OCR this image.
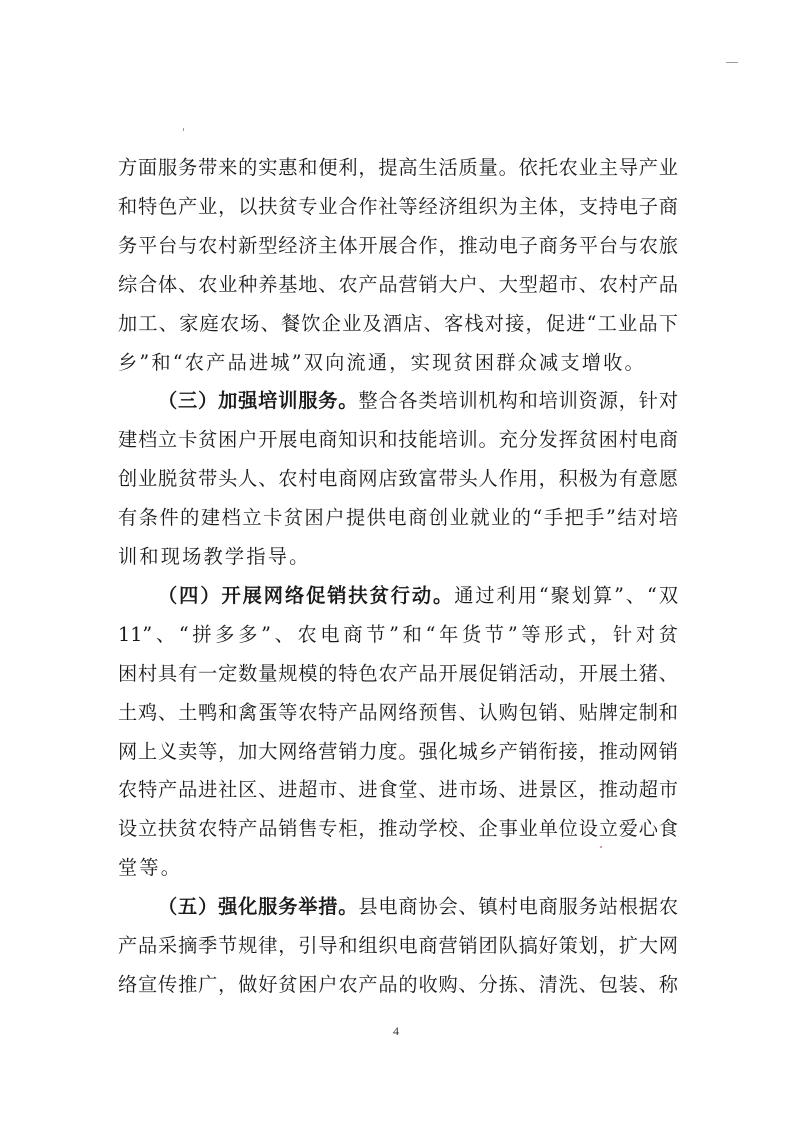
方面服务带来的实惠和便利，提高生活质量。依托农业主导产业
和特色产业，以扶贫专业合作社等经济组织为主体，支持电子商
务平台与农村新型经济主体开展合作，推动电子商务平台与农旅
综合体、农业种养基地、农产品营销大户、大型超市、农村产品
加工、家庭农场、餐饮企业及酒店、客栈对接，促进“工业品下
乡”和“农产品进城”双向流通，实现贫困群众减支增收。
（三）加强培训服务。整合各类培训机构和培训资源，针对
建档立卡贫困户开展电商知识和技能培训。充分发挥贫困村电商
创业脱贫带头人、农村电商网店致富带头人作用，积极为有意愿
有条件的建档立卡贫困户提供电商创业就业的“手把手”结对培
训和现场教学指导。
（四）开展网络促销扶贫行动。通过利用“聚划算”、“双
11”、“拼多多”、农电商节”和“年货节”等形式，针对贫
困村具有一定数量规模的特色农产品开展促销活动，开展土猪、
土鸡、土鸭和禽蛋等农特产品网络预售、认购包销、贴牌定制和
网上义卖等，加大网络营销力度。强化城乡产销衔接，推动网销
农特产品进社区、进超市、进食堂、进市场、进景区，推动超市
设立扶贫农特产品销售专柜，推动学校、企事业单位设立爱心食
堂等。
（五）强化服务举措。县电商协会、镇村电商服务站根据农
产品采摘季节规律，引导和组织电商营销团队搞好策划，扩大网
络宣传推广，做好贫困户农产品的收购、分拣、清洗、包装、称
4
